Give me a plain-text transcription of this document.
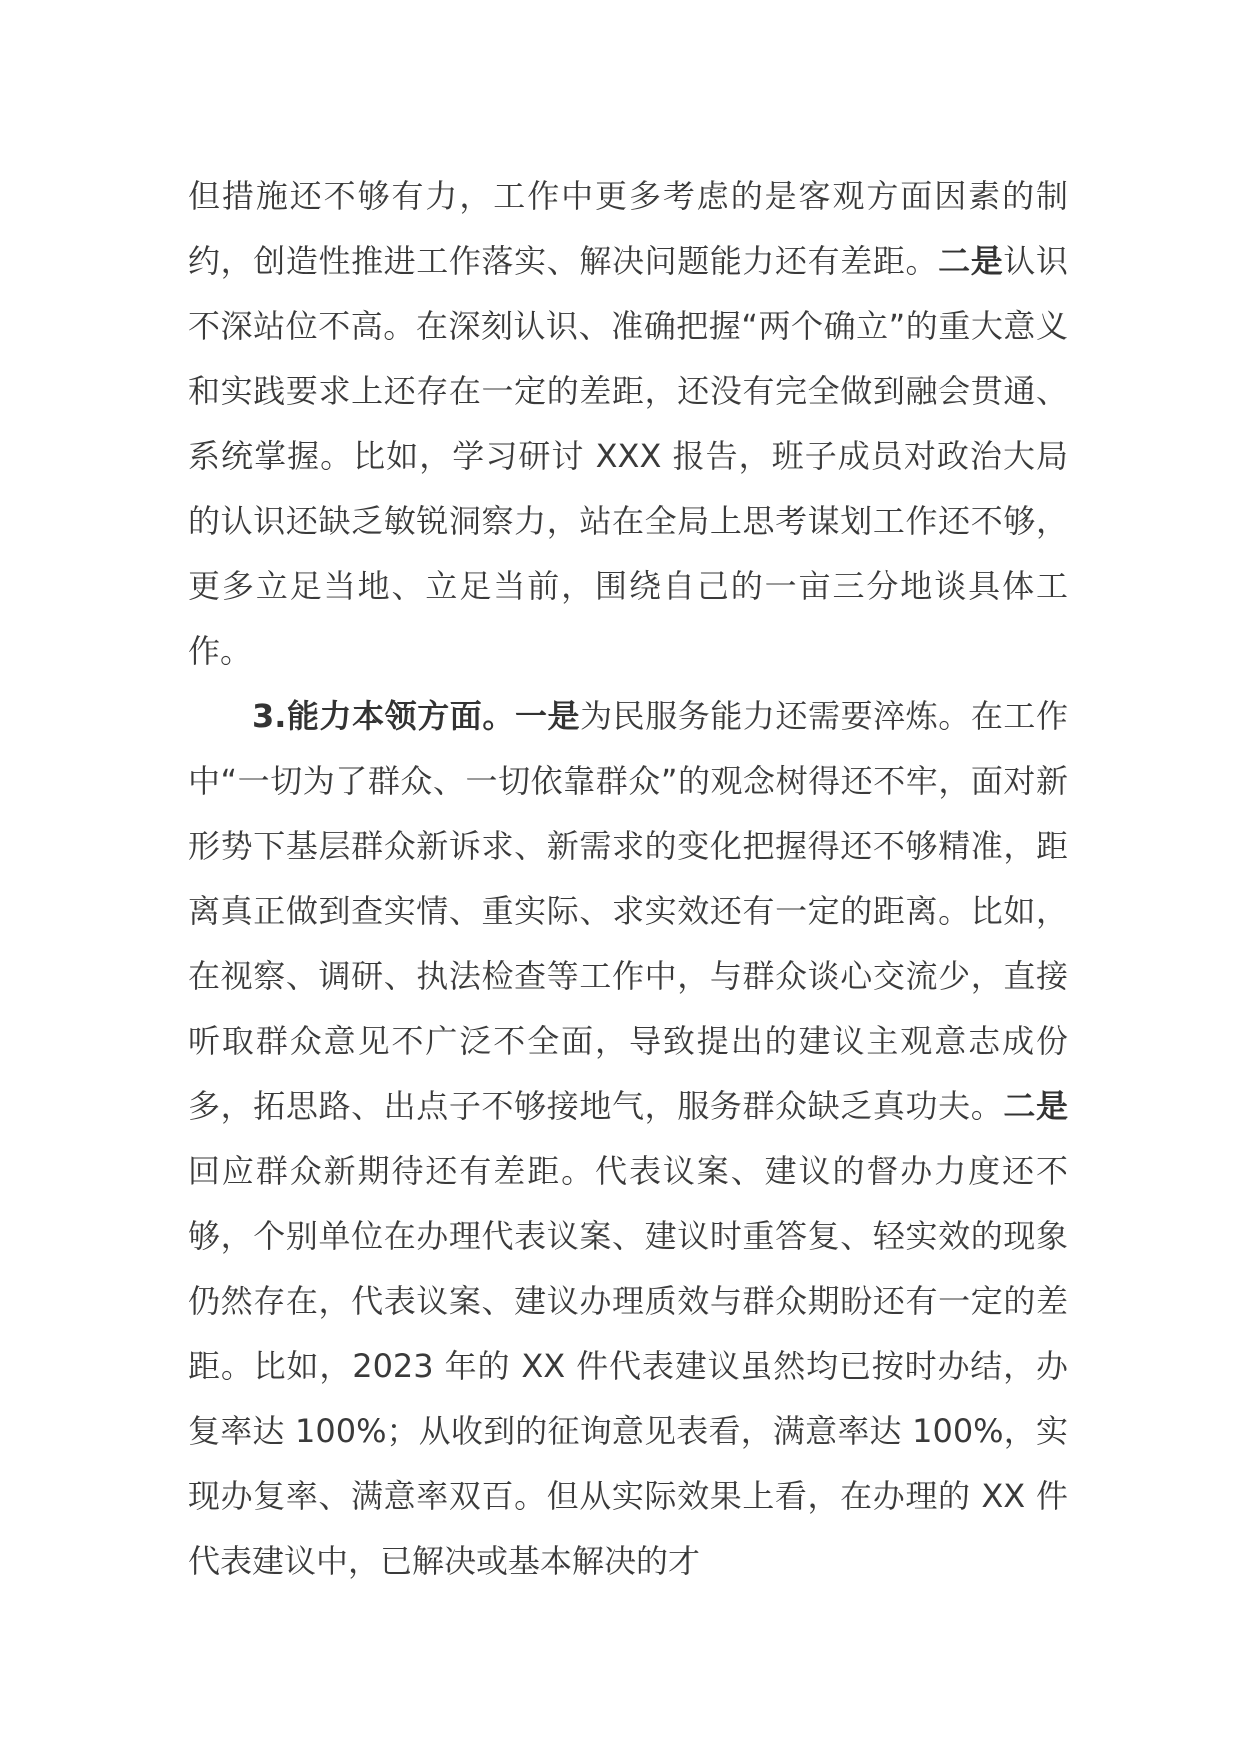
但措施还不够有力，工作中更多考虑的是客观方面因素的制约，创造性推进工作落实、解决问题能力还有差距。二是认识不深站位不高。在深刻认识、准确把握“两个确立”的重大意义和实践要求上还存在一定的差距，还没有完全做到融会贯通、系统掌握。比如，学习研讨 XXX 报告，班子成员对政治大局的认识还缺乏敏锐洞察力，站在全局上思考谋划工作还不够，更多立足当地、立足当前，围绕自己的一亩三分地谈具体工作。

3.能力本领方面。一是为民服务能力还需要淬炼。在工作中“一切为了群众、一切依靠群众”的观念树得还不牢，面对新形势下基层群众新诉求、新需求的变化把握得还不够精准，距离真正做到查实情、重实际、求实效还有一定的距离。比如，在视察、调研、执法检查等工作中，与群众谈心交流少，直接听取群众意见不广泛不全面，导致提出的建议主观意志成份多，拓思路、出点子不够接地气，服务群众缺乏真功夫。二是回应群众新期待还有差距。代表议案、建议的督办力度还不够，个别单位在办理代表议案、建议时重答复、轻实效的现象仍然存在，代表议案、建议办理质效与群众期盼还有一定的差距。比如，2023 年的 XX 件代表建议虽然均已按时办结，办复率达 100%；从收到的征询意见表看，满意率达 100%，实现办复率、满意率双百。但从实际效果上看，在办理的 XX 件代表建议中，已解决或基本解决的才
